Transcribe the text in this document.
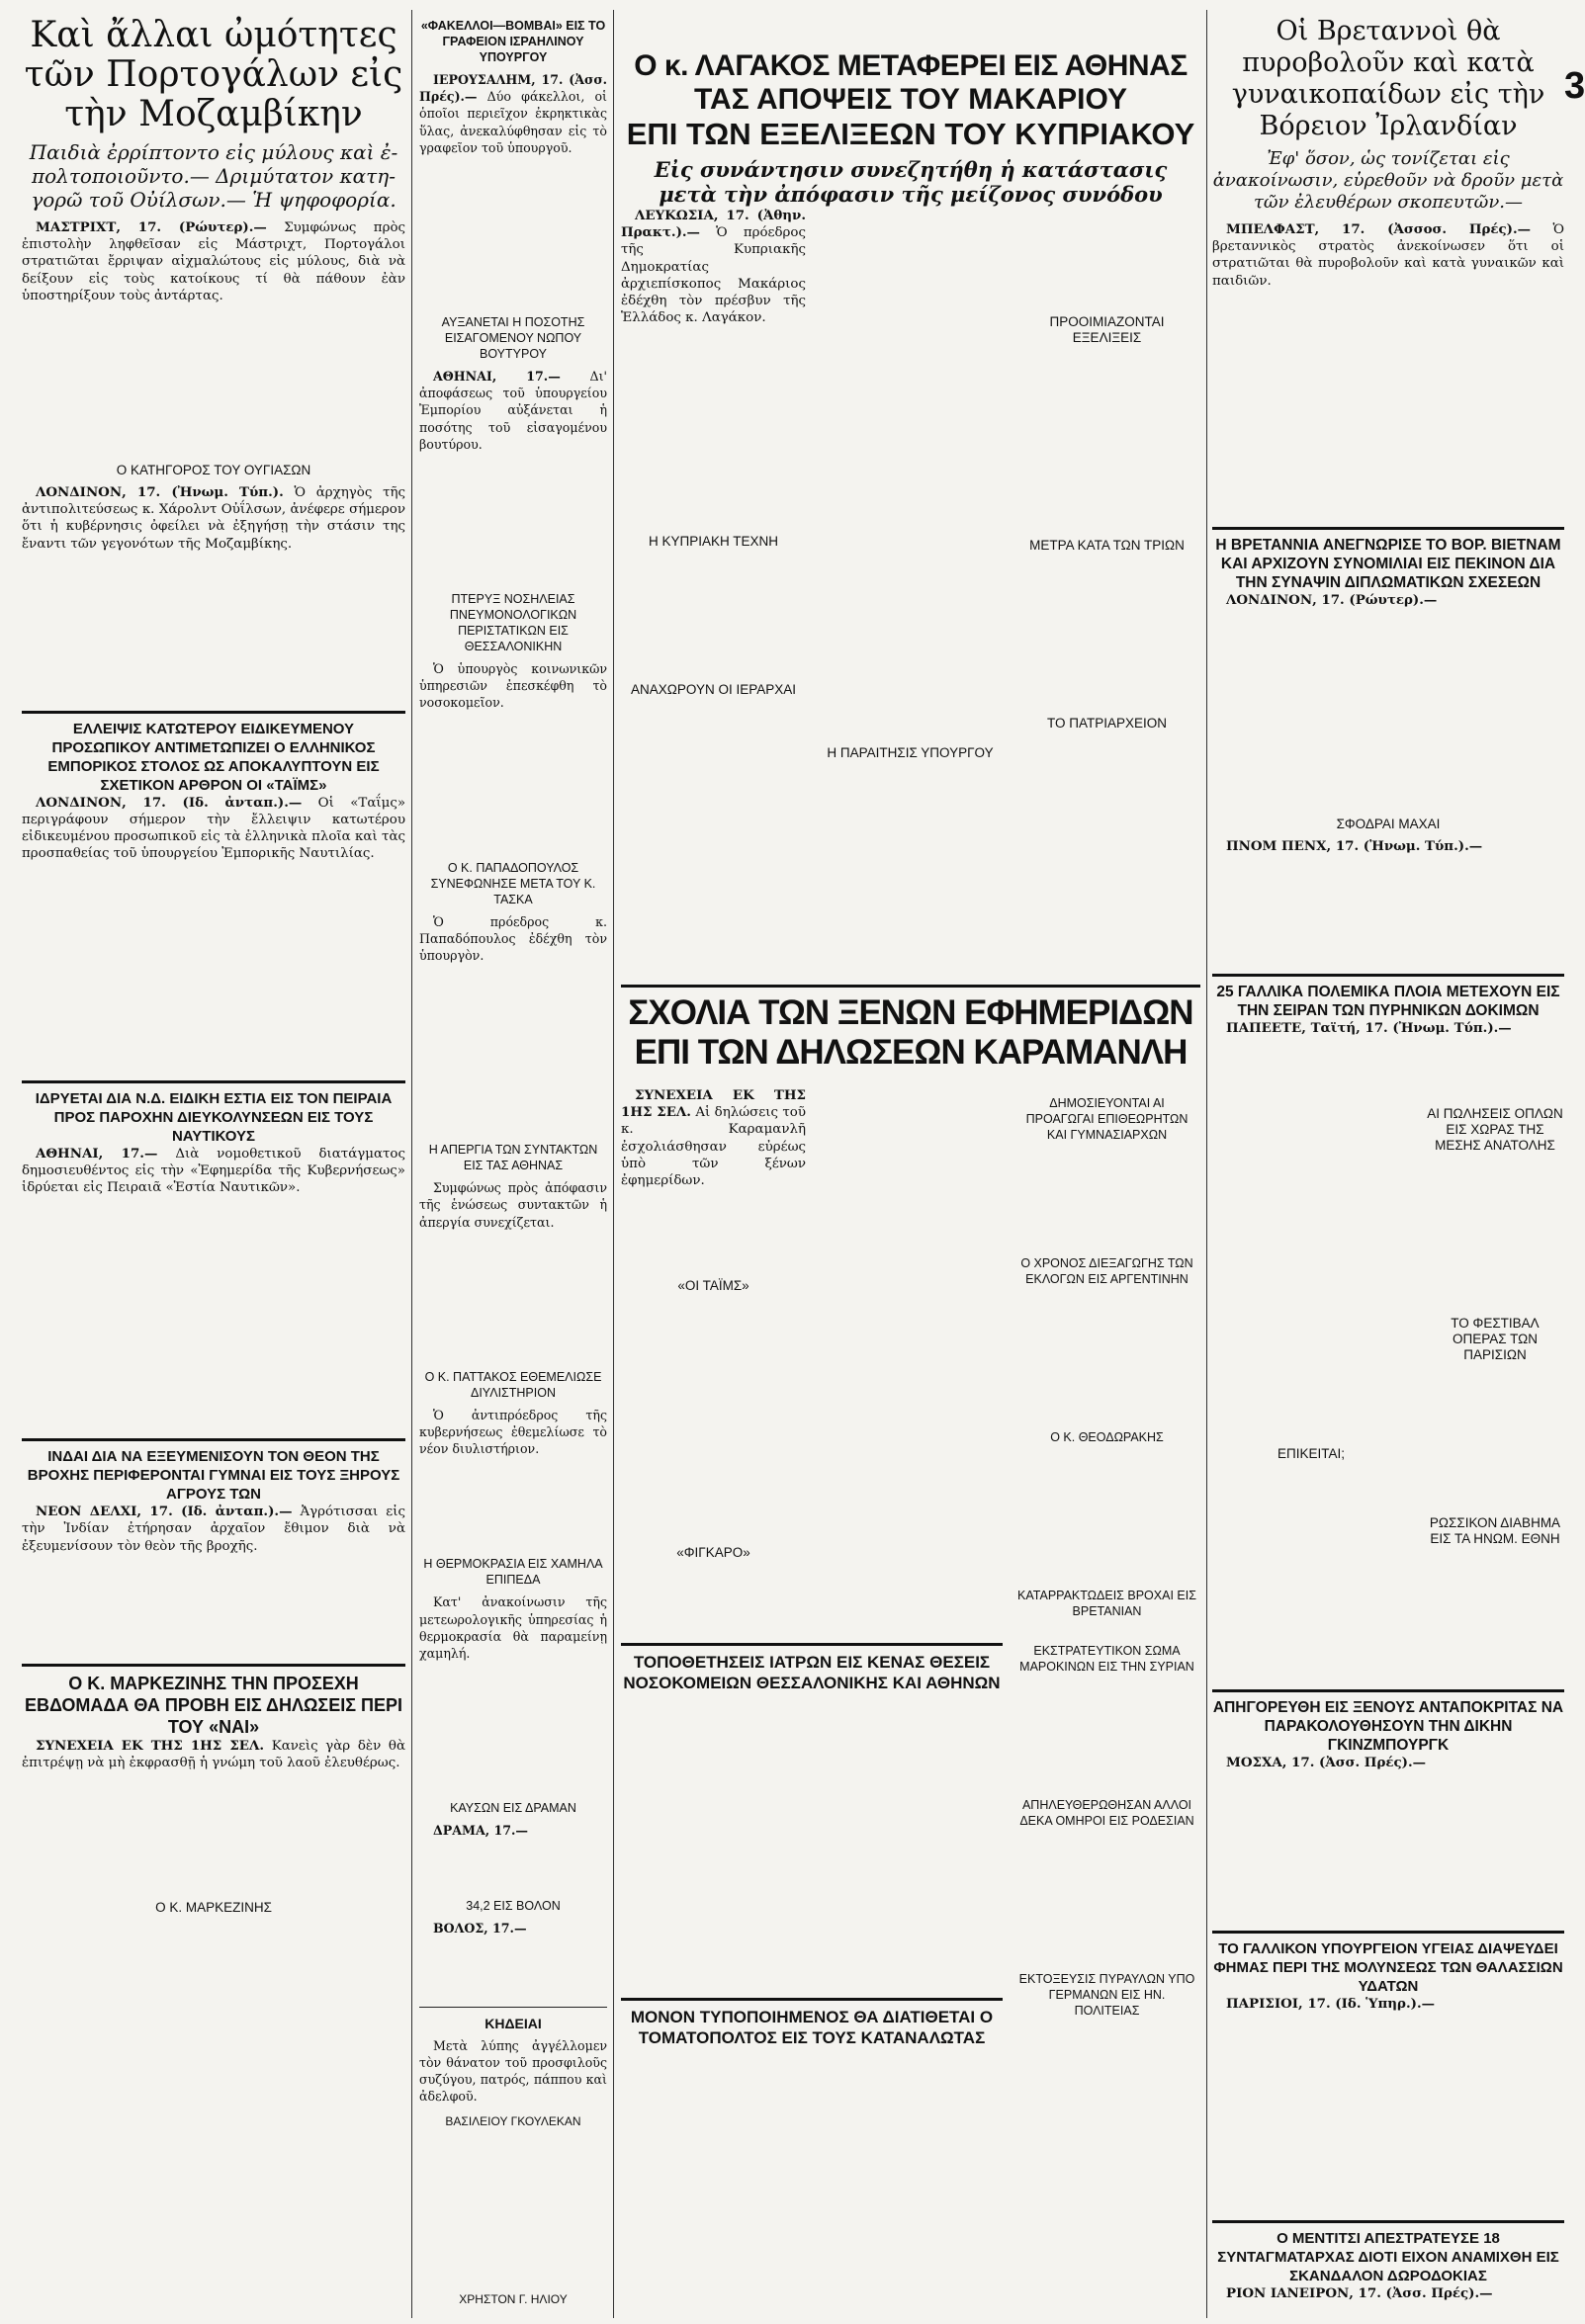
Καὶ ἄλλαι ὠμότητες τῶν Πορτογάλων εἰς τὴν Μοζαμβίκην
Παιδιὰ ἐρρίπτοντο εἰς μύλους καὶ ἐ- πολτοποιοῦντο.— Δριμύτατον κατη- γορῶ τοῦ Οὐίλσων.— Ἡ ψηφοφορία.

ΜΑΣΤΡΙΧΤ, 17. (Ρώυτερ).— Συμφώνως πρὸς ἐπιστολὴν ληφθεῖσαν εἰς Μάστριχτ, Πορτογάλοι στρατιῶται ἔρριψαν αἰχμαλώτους εἰς μύλους, διὰ νὰ δείξουν εἰς τοὺς κατοίκους τί θὰ πάθουν ἐὰν ὑποστηρίξουν τοὺς ἀντάρτας.

Ο ΚΑΤΗΓΟΡΟΣ ΤΟΥ ΟΥΓΙΑΣΩΝ

ΛΟΝΔΙΝΟΝ, 17. (Ἠνωμ. Τύπ.). Ὁ ἀρχηγὸς τῆς ἀντιπολιτεύσεως κ. Χάρολντ Οὐΐλσων, ἀνέφερε σήμερον ὅτι ἡ κυβέρνησις ὀφείλει νὰ ἐξηγήσῃ τὴν στάσιν της ἔναντι τῶν γεγονότων τῆς Μοζαμβίκης.

ΕΛΛΕΙΨΙΣ ΚΑΤΩΤΕΡΟΥ ΕΙΔΙΚΕΥΜΕΝΟΥ ΠΡΟΣΩΠΙΚΟΥ ΑΝΤΙΜΕΤΩΠΙΖΕΙ Ο ΕΛΛΗΝΙΚΟΣ ΕΜΠΟΡΙΚΟΣ ΣΤΟΛΟΣ ΩΣ ΑΠΟΚΑΛΥΠΤΟΥΝ ΕΙΣ ΣΧΕΤΙΚΟΝ ΑΡΘΡΟΝ ΟΙ «ΤΑΪΜΣ»

ΛΟΝΔΙΝΟΝ, 17. (Ιδ. ἀνταπ.).— Οἱ «Ταΐμς» περιγράφουν σήμερον τὴν ἔλλειψιν κατωτέρου εἰδικευμένου προσωπικοῦ εἰς τὰ ἑλληνικὰ πλοῖα καὶ τὰς προσπαθείας τοῦ ὑπουργείου Ἐμπορικῆς Ναυτιλίας.

ΙΔΡΥΕΤΑΙ ΔΙΑ Ν.Δ. ΕΙΔΙΚΗ ΕΣΤΙΑ ΕΙΣ ΤΟΝ ΠΕΙΡΑΙΑ ΠΡΟΣ ΠΑΡΟΧΗΝ ΔΙΕΥΚΟΛΥΝΣΕΩΝ ΕΙΣ ΤΟΥΣ ΝΑΥΤΙΚΟΥΣ

ΑΘΗΝΑΙ, 17.— Διὰ νομοθετικοῦ διατάγματος δημοσιευθέντος εἰς τὴν «Ἐφημερίδα τῆς Κυβερνήσεως» ἱδρύεται εἰς Πειραιᾶ «Ἑστία Ναυτικῶν».

ΙΝΔΑΙ ΔΙΑ ΝΑ ΕΞΕΥΜΕΝΙΣΟΥΝ ΤΟΝ ΘΕΟΝ ΤΗΣ ΒΡΟΧΗΣ ΠΕΡΙΦΕΡΟΝΤΑΙ ΓΥΜΝΑΙ ΕΙΣ ΤΟΥΣ ΞΗΡΟΥΣ ΑΓΡΟΥΣ ΤΩΝ

ΝΕΟΝ ΔΕΛΧΙ, 17. (Ιδ. ἀνταπ.).— Ἀγρότισσαι εἰς τὴν Ἰνδίαν ἐτήρησαν ἀρχαῖον ἔθιμον διὰ νὰ ἐξευμενίσουν τὸν θεὸν τῆς βροχῆς.

Ο Κ. ΜΑΡΚΕΖΙΝΗΣ ΤΗΝ ΠΡΟΣΕΧΗ ΕΒΔΟΜΑΔΑ ΘΑ ΠΡΟΒΗ ΕΙΣ ΔΗΛΩΣΕΙΣ ΠΕΡΙ ΤΟΥ «ΝΑΙ»

ΣΥΝΕΧΕΙΑ ΕΚ ΤΗΣ 1ΗΣ ΣΕΛ. Κανεὶς γὰρ δὲν θὰ ἐπιτρέψῃ νὰ μὴ ἐκφρασθῇ ἡ γνώμη τοῦ λαοῦ ἐλευθέρως.

Ο Κ. ΜΑΡΚΕΖΙΝΗΣ
«ΦΑΚΕΛΛΟΙ—ΒΟΜΒΑΙ» ΕΙΣ ΤΟ ΓΡΑΦΕΙΟΝ ΙΣΡΑΗΛΙΝΟΥ ΥΠΟΥΡΓΟΥ

ΙΕΡΟΥΣΑΛΗΜ, 17. (Ἀσσ. Πρές).— Δύο φάκελλοι, οἱ ὁποῖοι περιεῖχον ἐκρηκτικὰς ὕλας, ἀνεκαλύφθησαν εἰς τὸ γραφεῖον τοῦ ὑπουργοῦ.

ΑΥΞΑΝΕΤΑΙ Η ΠΟΣΟΤΗΣ ΕΙΣΑΓΟΜΕΝΟΥ ΝΩΠΟΥ ΒΟΥΤΥΡΟΥ

ΑΘΗΝΑΙ, 17.— Δι' ἀποφάσεως τοῦ ὑπουργείου Ἐμπορίου αὐξάνεται ἡ ποσότης τοῦ εἰσαγομένου βουτύρου.

ΠΤΕΡΥΞ ΝΟΣΗΛΕΙΑΣ ΠΝΕΥΜΟΝΟΛΟΓΙΚΩΝ ΠΕΡΙΣΤΑΤΙΚΩΝ ΕΙΣ ΘΕΣΣΑΛΟΝΙΚΗΝ

Ὁ ὑπουργὸς κοινωνικῶν ὑπηρεσιῶν ἐπεσκέφθη τὸ νοσοκομεῖον.

Ο Κ. ΠΑΠΑΔΟΠΟΥΛΟΣ ΣΥΝΕΦΩΝΗΣΕ ΜΕΤΑ ΤΟΥ Κ. ΤΑΣΚΑ

Ὁ πρόεδρος κ. Παπαδόπουλος ἐδέχθη τὸν ὑπουργὸν.

Η ΑΠΕΡΓΙΑ ΤΩΝ ΣΥΝΤΑΚΤΩΝ ΕΙΣ ΤΑΣ ΑΘΗΝΑΣ

Συμφώνως πρὸς ἀπόφασιν τῆς ἑνώσεως συντακτῶν ἡ ἀπεργία συνεχίζεται.

Ο Κ. ΠΑΤΤΑΚΟΣ ΕΘΕΜΕΛΙΩΣΕ ΔΙΥΛΙΣΤΗΡΙΟΝ

Ὁ ἀντιπρόεδρος τῆς κυβερνήσεως ἐθεμελίωσε τὸ νέον διυλιστήριον.

Η ΘΕΡΜΟΚΡΑΣΙΑ ΕΙΣ ΧΑΜΗΛΑ ΕΠΙΠΕΔΑ

Κατ' ἀνακοίνωσιν τῆς μετεωρολογικῆς ὑπηρεσίας ἡ θερμοκρασία θὰ παραμείνῃ χαμηλή.

ΚΑΥΣΩΝ ΕΙΣ ΔΡΑΜΑΝ

ΔΡΑΜΑ, 17.—

34,2 ΕΙΣ ΒΟΛΟΝ

ΒΟΛΟΣ, 17.—

ΚΗΔΕΙΑΙ

Μετὰ λύπης ἀγγέλλομεν τὸν θάνατον τοῦ προσφιλοῦς συζύγου, πατρός, πάππου καὶ ἀδελφοῦ.

ΒΑΣΙΛΕΙΟΥ ΓΚΟΥΛΕΚΑΝ
ΧΡΗΣΤΟΝ Γ. ΗΛΙΟΥ
Ο κ. ΛΑΓΑΚΟΣ ΜΕΤΑΦΕΡΕΙ ΕΙΣ ΑΘΗΝΑΣ
ΤΑΣ ΑΠΟΨΕΙΣ ΤΟΥ ΜΑΚΑΡΙΟΥ
ΕΠΙ ΤΩΝ ΕΞΕΛΙΞΕΩΝ ΤΟΥ ΚΥΠΡΙΑΚΟΥ
Εἰς συνάντησιν συνεζητήθη ἡ κατάστασις
μετὰ τὴν ἀπόφασιν τῆς μείζονος συνόδου

ΛΕΥΚΩΣΙΑ, 17. (Ἀθην. Πρακτ.).— Ὁ πρόεδρος τῆς Κυπριακῆς Δημοκρατίας ἀρχιεπίσκοπος Μακάριος ἐδέχθη τὸν πρέσβυν τῆς Ἑλλάδος κ. Λαγάκον.

Η ΚΥΠΡΙΑΚΗ ΤΕΧΝΗ
ΑΝΑΧΩΡΟΥΝ ΟΙ ΙΕΡΑΡΧΑΙ
ΠΡΟΟΙΜΙΑΖΟΝΤΑΙ ΕΞΕΛΙΞΕΙΣ
ΜΕΤΡΑ ΚΑΤΑ ΤΩΝ ΤΡΙΩΝ
ΤΟ ΠΑΤΡΙΑΡΧΕΙΟΝ
Η ΠΑΡΑΙΤΗΣΙΣ ΥΠΟΥΡΓΟΥ
ΣΧΟΛΙΑ ΤΩΝ ΞΕΝΩΝ ΕΦΗΜΕΡΙΔΩΝ
ΕΠΙ ΤΩΝ ΔΗΛΩΣΕΩΝ ΚΑΡΑΜΑΝΛΗ

ΣΥΝΕΧΕΙΑ ΕΚ ΤΗΣ 1ΗΣ ΣΕΛ. Αἱ δηλώσεις τοῦ κ. Καραμανλῆ ἐσχολιάσθησαν εὐρέως ὑπὸ τῶν ξένων ἐφημερίδων.

«ΟΙ ΤΑΪΜΣ»
«ΦΙΓΚΑΡΟ»
ΔΗΜΟΣΙΕΥΟΝΤΑΙ ΑΙ ΠΡΟΑΓΩΓΑΙ ΕΠΙΘΕΩΡΗΤΩΝ ΚΑΙ ΓΥΜΝΑΣΙΑΡΧΩΝ
Ο ΧΡΟΝΟΣ ΔΙΕΞΑΓΩΓΗΣ ΤΩΝ ΕΚΛΟΓΩΝ ΕΙΣ ΑΡΓΕΝΤΙΝΗΝ
Ο Κ. ΘΕΟΔΩΡΑΚΗΣ
ΚΑΤΑΡΡΑΚΤΩΔΕΙΣ ΒΡΟΧΑΙ ΕΙΣ ΒΡΕΤΑΝΙΑΝ
ΤΟΠΟΘΕΤΗΣΕΙΣ ΙΑΤΡΩΝ ΕΙΣ ΚΕΝΑΣ ΘΕΣΕΙΣ ΝΟΣΟΚΟΜΕΙΩΝ ΘΕΣΣΑΛΟΝΙΚΗΣ ΚΑΙ ΑΘΗΝΩΝ
ΜΟΝΟΝ ΤΥΠΟΠΟΙΗΜΕΝΟΣ ΘΑ ΔΙΑΤΙΘΕΤΑΙ Ο ΤΟΜΑΤΟΠΟΛΤΟΣ ΕΙΣ ΤΟΥΣ ΚΑΤΑΝΑΛΩΤΑΣ
ΕΚΣΤΡΑΤΕΥΤΙΚΟΝ ΣΩΜΑ ΜΑΡΟΚΙΝΩΝ ΕΙΣ ΤΗΝ ΣΥΡΙΑΝ
ΑΠΗΛΕΥΘΕΡΩΘΗΣΑΝ ΑΛΛΟΙ ΔΕΚΑ ΟΜΗΡΟΙ ΕΙΣ ΡΟΔΕΣΙΑΝ
ΕΚΤΟΞΕΥΣΙΣ ΠΥΡΑΥΛΩΝ ΥΠΟ ΓΕΡΜΑΝΩΝ ΕΙΣ ΗΝ. ΠΟΛΙΤΕΙΑΣ
Οἱ Βρεταννοὶ θὰ πυροβολοῦν καὶ κατὰ γυναικοπαίδων εἰς τὴν Βόρειον Ἰρλανδίαν
Ἐφ' ὅσον, ὡς τονίζεται εἰς ἀνακοίνωσιν, εὑρεθοῦν νὰ δροῦν μετὰ τῶν ἐλευθέρων σκοπευτῶν.—

ΜΠΕΛΦΑΣΤ, 17. (Ἀσσοσ. Πρές).— Ὁ βρεταννικὸς στρατὸς ἀνεκοίνωσεν ὅτι οἱ στρατιῶται θὰ πυροβολοῦν καὶ κατὰ γυναικῶν καὶ παιδιῶν.

Η ΒΡΕΤΑΝΝΙΑ ΑΝΕΓΝΩΡΙΣΕ ΤΟ ΒΟΡ. ΒΙΕΤΝΑΜ ΚΑΙ ΑΡΧΙΖΟΥΝ ΣΥΝΟΜΙΛΙΑΙ ΕΙΣ ΠΕΚΙΝΟΝ ΔΙΑ ΤΗΝ ΣΥΝΑΨΙΝ ΔΙΠΛΩΜΑΤΙΚΩΝ ΣΧΕΣΕΩΝ

ΛΟΝΔΙΝΟΝ, 17. (Ρώυτερ).—

ΣΦΟΔΡΑΙ ΜΑΧΑΙ

ΠΝΟΜ ΠΕΝΧ, 17. (Ἠνωμ. Τύπ.).—

25 ΓΑΛΛΙΚΑ ΠΟΛΕΜΙΚΑ ΠΛΟΙΑ ΜΕΤΕΧΟΥΝ ΕΙΣ ΤΗΝ ΣΕΙΡΑΝ ΤΩΝ ΠΥΡΗΝΙΚΩΝ ΔΟΚΙΜΩΝ

ΠΑΠΕΕΤΕ, Ταϊτή, 17. (Ἠνωμ. Τύπ.).—

ΑΙ ΠΩΛΗΣΕΙΣ ΟΠΛΩΝ ΕΙΣ ΧΩΡΑΣ ΤΗΣ ΜΕΣΗΣ ΑΝΑΤΟΛΗΣ
ΤΟ ΦΕΣΤΙΒΑΛ ΟΠΕΡΑΣ ΤΩΝ ΠΑΡΙΣΙΩΝ
ΕΠΙΚΕΙΤΑΙ;
ΡΩΣΣΙΚΟΝ ΔΙΑΒΗΜΑ ΕΙΣ ΤΑ ΗΝΩΜ. ΕΘΝΗ
ΑΠΗΓΟΡΕΥΘΗ ΕΙΣ ΞΕΝΟΥΣ ΑΝΤΑΠΟΚΡΙΤΑΣ ΝΑ ΠΑΡΑΚΟΛΟΥΘΗΣΟΥΝ ΤΗΝ ΔΙΚΗΝ ΓΚΙΝΖΜΠΟΥΡΓΚ

ΜΟΣΧΑ, 17. (Ἀσσ. Πρές).—

ΤΟ ΓΑΛΛΙΚΟΝ ΥΠΟΥΡΓΕΙΟΝ ΥΓΕΙΑΣ ΔΙΑΨΕΥΔΕΙ ΦΗΜΑΣ ΠΕΡΙ ΤΗΣ ΜΟΛΥΝΣΕΩΣ ΤΩΝ ΘΑΛΑΣΣΙΩΝ ΥΔΑΤΩΝ

ΠΑΡΙΣΙΟΙ, 17. (Ιδ. Ὑπηρ.).—

Ο ΜΕΝΤΙΤΣΙ ΑΠΕΣΤΡΑΤΕΥΣΕ 18 ΣΥΝΤΑΓΜΑΤΑΡΧΑΣ ΔΙΟΤΙ ΕΙΧΟΝ ΑΝΑΜΙΧΘΗ ΕΙΣ ΣΚΑΝΔΑΛΟΝ ΔΩΡΟΔΟΚΙΑΣ

ΡΙΟΝ ΙΑΝΕΙΡΟΝ, 17. (Ἀσσ. Πρές).—

3
